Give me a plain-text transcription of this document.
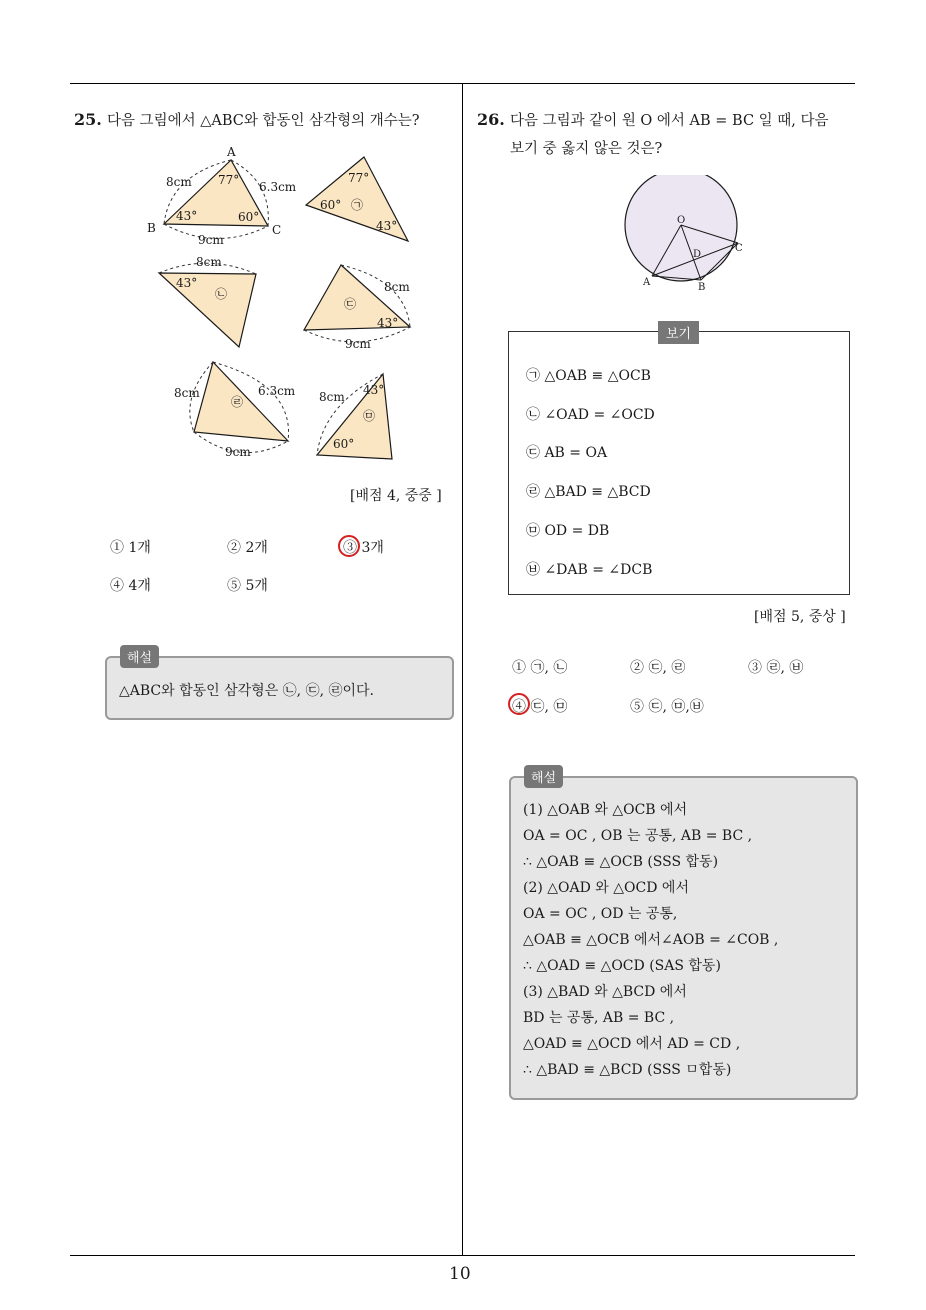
25. 다음 그림에서 △ABC와 합동인 삼각형의 개수는?
A
B	C
8cm	6.3cm
9cm
77°
43°	60°
㉠
㉡
㉢
㉣
㉤
8cm
43°
77°
60°
43°
8cm
43°
9cm
8cm	6.3cm
9cm
8cm 43°
60°
[배점 4, 중중 ]
① 1개	② 2개	③ 3개
④ 4개	⑤ 5개
△ABC와 합동인 삼각형은 ㉡, ㉢, ㉣이다.
해설
26. 다음 그림과 같이 원 O 에서 AB = BC 일 때, 다음
보기 중 옳지 않은 것은?
O
D
C
A	B
㉠ △OAB ≡ △OCB
㉡ ∠OAD = ∠OCD
㉢ AB = OA
㉣ △BAD ≡ △BCD
㉤ OD = DB
㉥ ∠DAB = ∠DCB
보기
[배점 5, 중상 ]
① ㉠, ㉡	② ㉢, ㉣	③ ㉣, ㉥
④ ㉢, ㉤	⑤ ㉢, ㉤,㉥
(1) △OAB 와 △OCB 에서
OA = OC , OB 는 공통, AB = BC ,
∴ △OAB ≡ △OCB (SSS 합동)
(2) △OAD 와 △OCD 에서
OA = OC , OD 는 공통,
△OAB ≡ △OCB 에서∠AOB = ∠COB ,
∴ △OAD ≡ △OCD (SAS 합동)
(3) △BAD 와 △BCD 에서
BD 는 공통, AB = BC ,
△OAD ≡ △OCD 에서 AD = CD ,
∴ △BAD ≡ △BCD (SSS ㅁ합동)
해설
10
